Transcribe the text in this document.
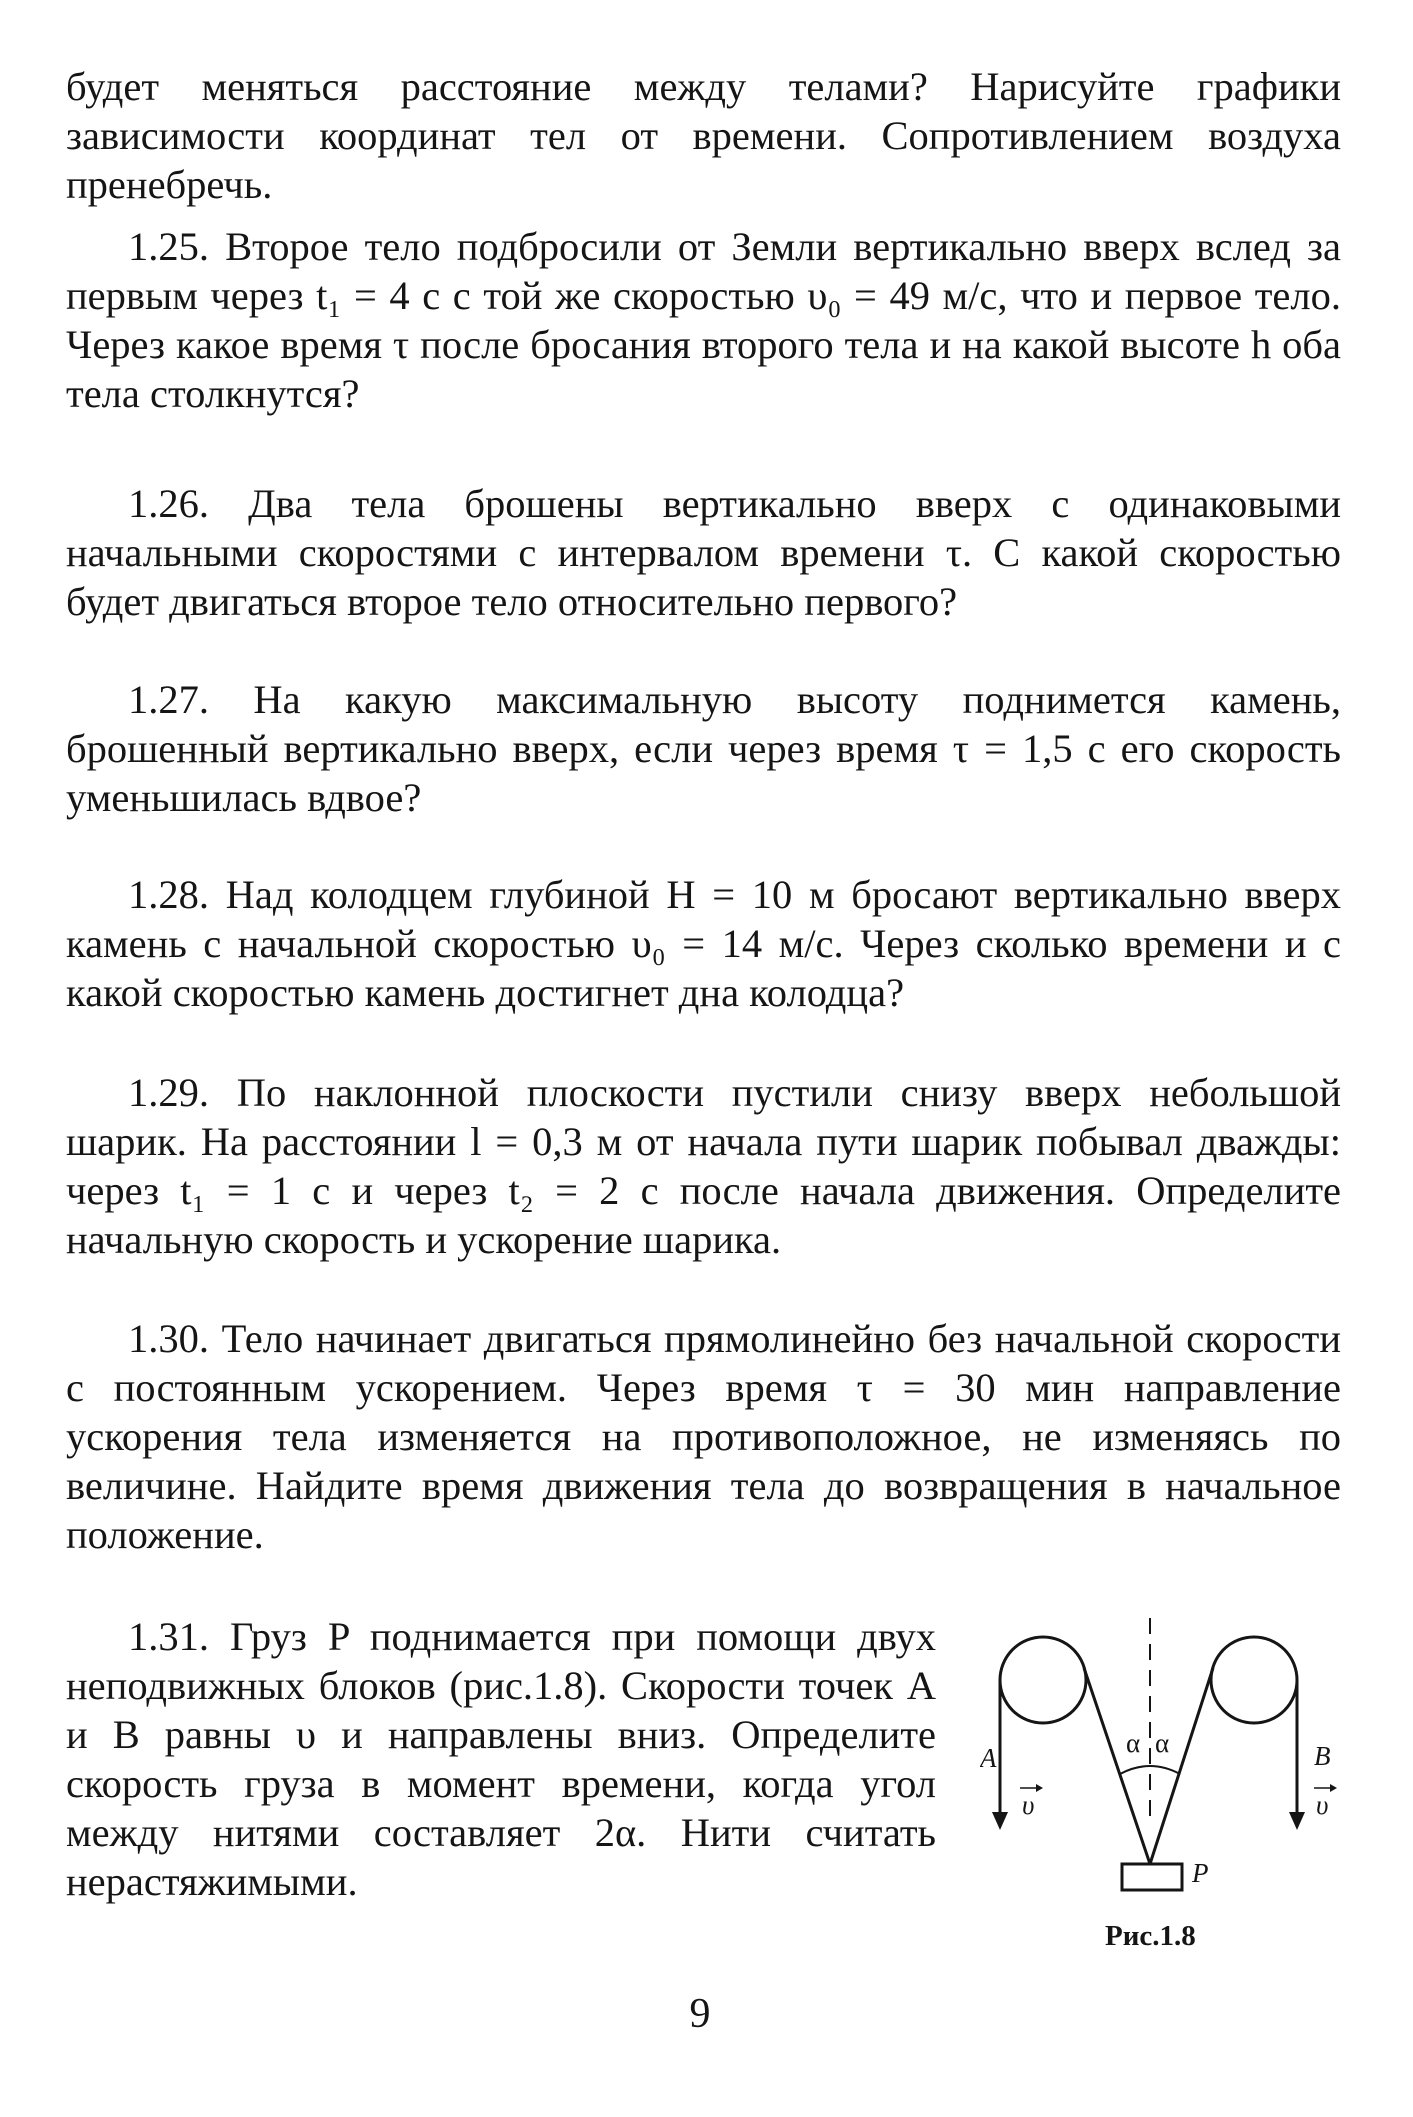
будет меняться расстояние между телами? Нарисуйте графики зависимости координат тел от времени. Сопротивлением воздуха пренебречь.

1.25. Второе тело подбросили от Земли вертикально вверх вслед за первым через t₁ = 4 с с той же скоростью υ₀ = 49 м/с, что и первое тело. Через какое время τ после бросания второго тела и на какой высоте h оба тела столкнутся?

1.26. Два тела брошены вертикально вверх с одинаковыми начальными скоростями с интервалом времени τ. С какой скоростью будет двигаться второе тело относительно первого?

1.27. На какую максимальную высоту поднимется камень, брошенный вертикально вверх, если через время τ = 1,5 с его скорость уменьшилась вдвое?

1.28. Над колодцем глубиной H = 10 м бросают вертикально вверх камень с начальной скоростью υ₀ = 14 м/с. Через сколько времени и с какой скоростью камень достигнет дна колодца?

1.29. По наклонной плоскости пустили снизу вверх небольшой шарик. На расстоянии l = 0,3 м от начала пути шарик побывал дважды: через t₁ = 1 с и через t₂ = 2 с после начала движения. Определите начальную скорость и ускорение шарика.

1.30. Тело начинает двигаться прямолинейно без начальной скорости с постоянным ускорением. Через время τ = 30 мин направление ускорения тела изменяется на противоположное, не изменяясь по величине. Найдите время движения тела до возвращения в начальное положение.

1.31. Груз P поднимается при помощи двух неподвижных блоков (рис.1.8). Скорости точек A и B равны υ и направлены вниз. Определите скорость груза в момент времени, когда угол между нитями составляет 2α. Нити считать нерастяжимыми.

A	B
υ	υ
α α
P
Рис.1.8
9
